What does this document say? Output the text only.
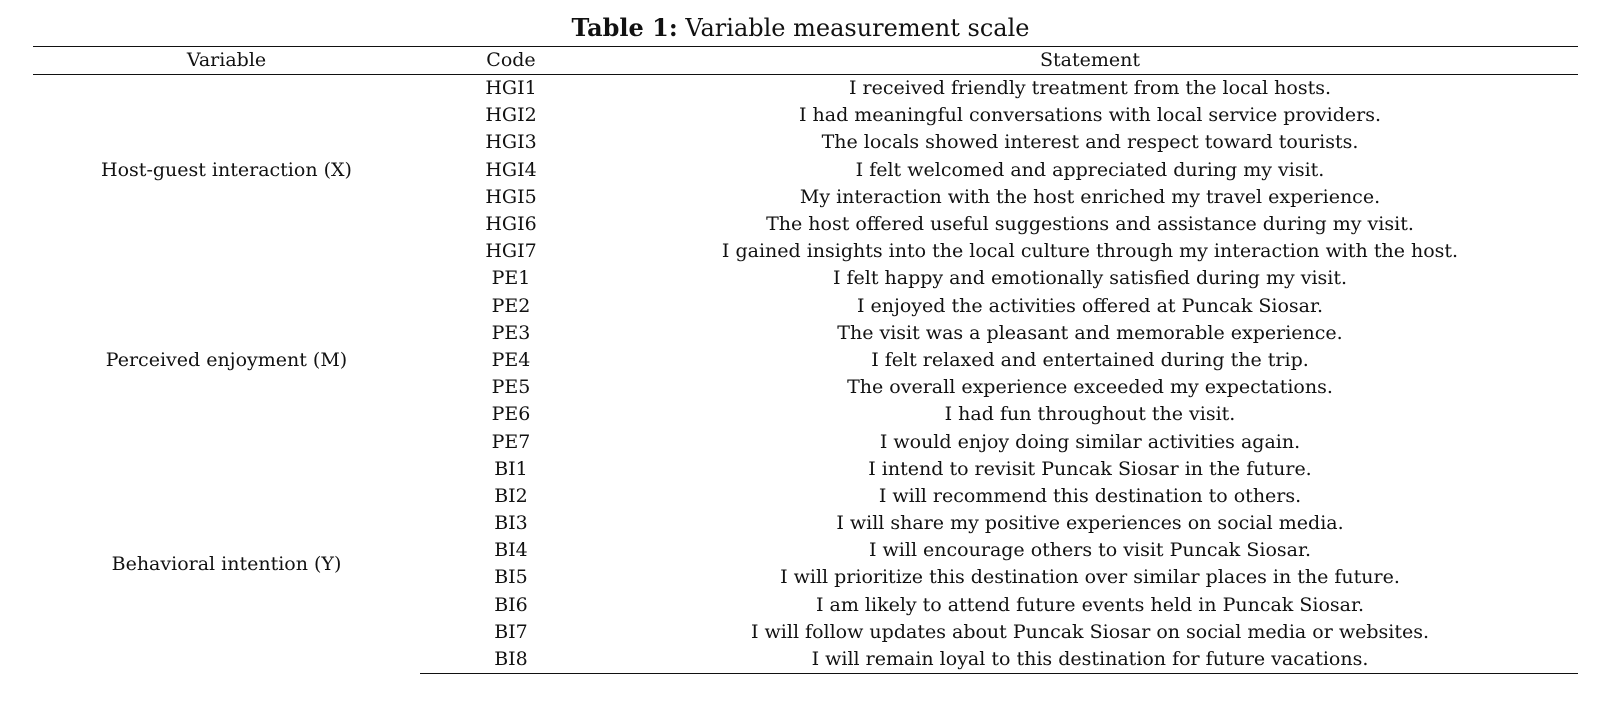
Table 1: Variable measurement scale
Variable	Code	Statement
Host-guest interaction (X)	HGI1	I received friendly treatment from the local hosts.
	HGI2	I had meaningful conversations with local service providers.
	HGI3	The locals showed interest and respect toward tourists.
	HGI4	I felt welcomed and appreciated during my visit.
	HGI5	My interaction with the host enriched my travel experience.
	HGI6	The host offered useful suggestions and assistance during my visit.
	HGI7	I gained insights into the local culture through my interaction with the host.
Perceived enjoyment (M)	PE1	I felt happy and emotionally satisfied during my visit.
	PE2	I enjoyed the activities offered at Puncak Siosar.
	PE3	The visit was a pleasant and memorable experience.
	PE4	I felt relaxed and entertained during the trip.
	PE5	The overall experience exceeded my expectations.
	PE6	I had fun throughout the visit.
	PE7	I would enjoy doing similar activities again.
Behavioral intention (Y)	BI1	I intend to revisit Puncak Siosar in the future.
	BI2	I will recommend this destination to others.
	BI3	I will share my positive experiences on social media.
	BI4	I will encourage others to visit Puncak Siosar.
	BI5	I will prioritize this destination over similar places in the future.
	BI6	I am likely to attend future events held in Puncak Siosar.
	BI7	I will follow updates about Puncak Siosar on social media or websites.
	BI8	I will remain loyal to this destination for future vacations.
